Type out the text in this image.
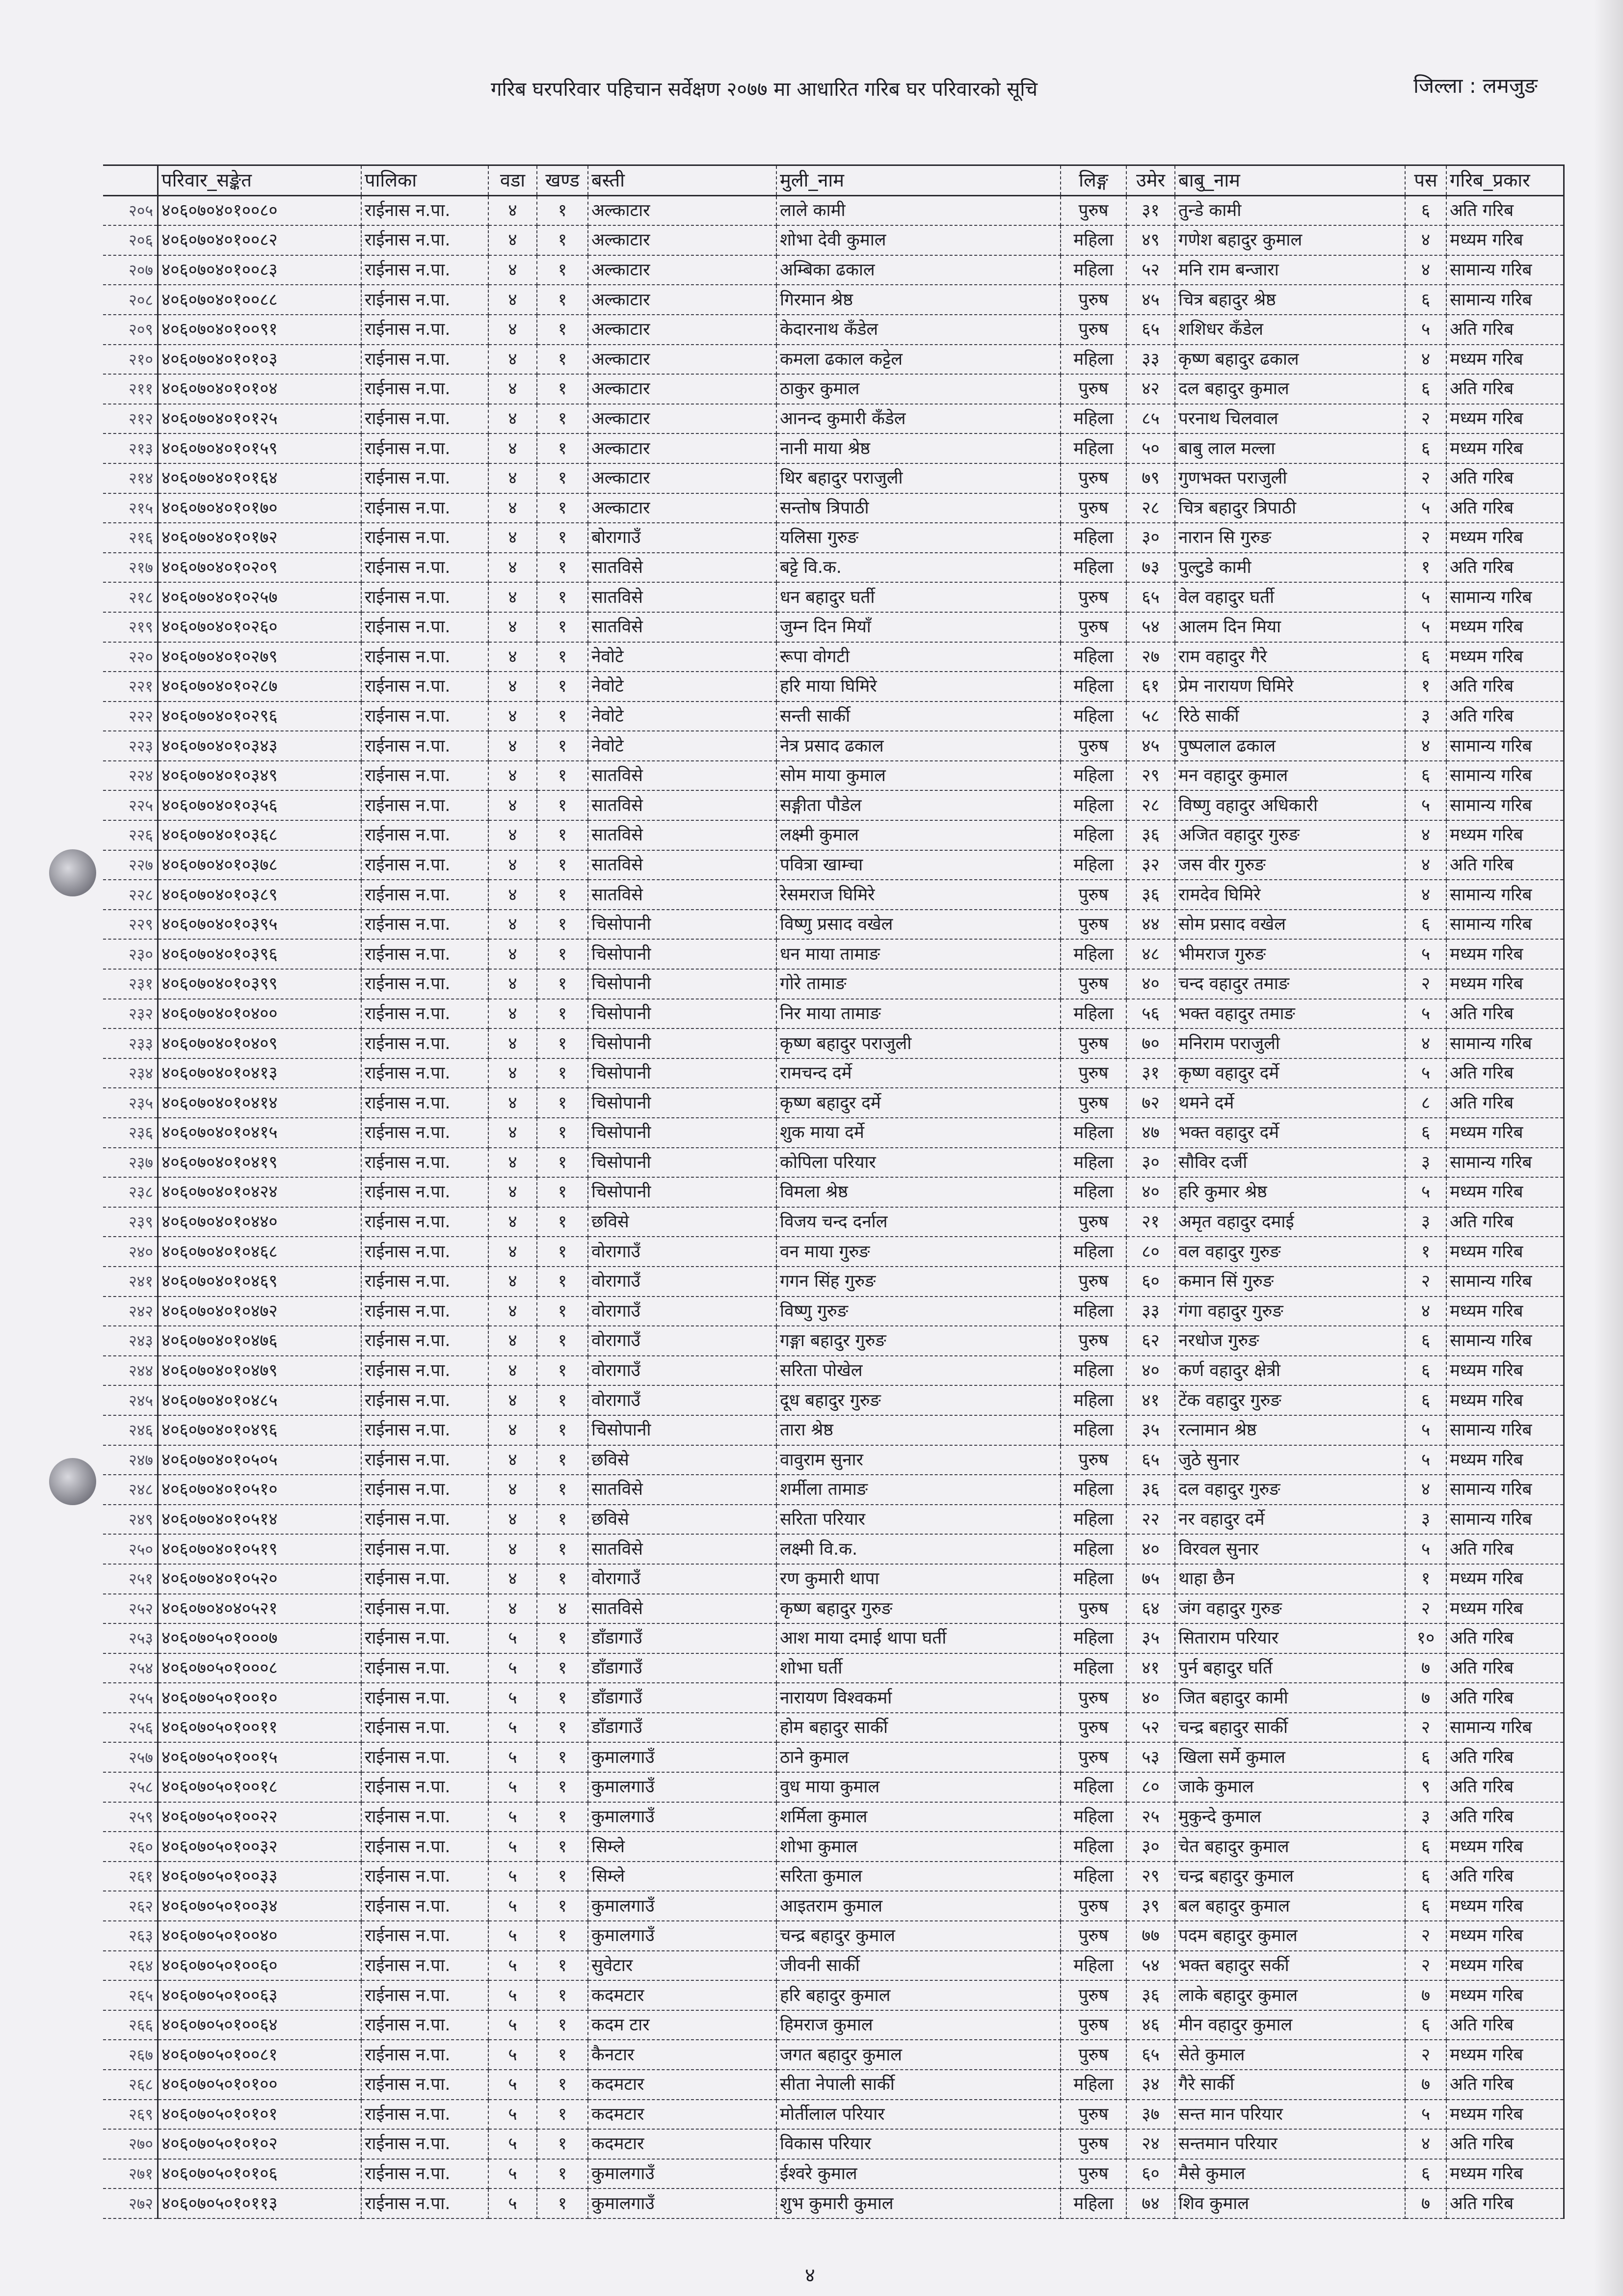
गरिब घरपरिवार पहिचान सर्वेक्षण २०७७ मा आधारित गरिब घर परिवारको सूचि	जिल्ला : लमजुङ
	परिवार_सङ्केत	पालिका	वडा	खण्ड	बस्ती	मुली_नाम	लिङ्ग	उमेर	बाबु_नाम	पस	गरिब_प्रकार
२०५	४०६०७०४०१००८०	राईनास न.पा.	४	१	अल्काटार	लाले कामी	पुरुष	३१	तुन्डे कामी	६	अति गरिब
२०६	४०६०७०४०१००८२	राईनास न.पा.	४	१	अल्काटार	शोभा देवी कुमाल	महिला	४९	गणेश बहादुर कुमाल	४	मध्यम गरिब
२०७	४०६०७०४०१००८३	राईनास न.पा.	४	१	अल्काटार	अम्बिका ढकाल	महिला	५२	मनि राम बन्जारा	४	सामान्य गरिब
२०८	४०६०७०४०१००८८	राईनास न.पा.	४	१	अल्काटार	गिरमान श्रेष्ठ	पुरुष	४५	चित्र बहादुर श्रेष्ठ	६	सामान्य गरिब
२०९	४०६०७०४०१००९१	राईनास न.पा.	४	१	अल्काटार	केदारनाथ कँडेल	पुरुष	६५	शशिधर कँडेल	५	अति गरिब
२१०	४०६०७०४०१०१०३	राईनास न.पा.	४	१	अल्काटार	कमला ढकाल कट्टेल	महिला	३३	कृष्ण बहादुर ढकाल	४	मध्यम गरिब
२११	४०६०७०४०१०१०४	राईनास न.पा.	४	१	अल्काटार	ठाकुर कुमाल	पुरुष	४२	दल बहादुर कुमाल	६	अति गरिब
२१२	४०६०७०४०१०१२५	राईनास न.पा.	४	१	अल्काटार	आनन्द कुमारी कँडेल	महिला	८५	परनाथ चिलवाल	२	मध्यम गरिब
२१३	४०६०७०४०१०१५९	राईनास न.पा.	४	१	अल्काटार	नानी माया श्रेष्ठ	महिला	५०	बाबु लाल मल्ला	६	मध्यम गरिब
२१४	४०६०७०४०१०१६४	राईनास न.पा.	४	१	अल्काटार	थिर बहादुर पराजुली	पुरुष	७९	गुणभक्त पराजुली	२	अति गरिब
२१५	४०६०७०४०१०१७०	राईनास न.पा.	४	१	अल्काटार	सन्तोष त्रिपाठी	पुरुष	२८	चित्र बहादुर त्रिपाठी	५	अति गरिब
२१६	४०६०७०४०१०१७२	राईनास न.पा.	४	१	बोरागाउँ	यलिसा गुरुङ	महिला	३०	नारान सि गुरुङ	२	मध्यम गरिब
२१७	४०६०७०४०१०२०९	राईनास न.पा.	४	१	सातविसे	बट्टे वि.क.	महिला	७३	पुल्टुडे कामी	१	अति गरिब
२१८	४०६०७०४०१०२५७	राईनास न.पा.	४	१	सातविसे	धन बहादुर घर्ती	पुरुष	६५	वेल वहादुर घर्ती	५	सामान्य गरिब
२१९	४०६०७०४०१०२६०	राईनास न.पा.	४	१	सातविसे	जुम्न दिन मियाँ	पुरुष	५४	आलम दिन मिया	५	मध्यम गरिब
२२०	४०६०७०४०१०२७९	राईनास न.पा.	४	१	नेवोटे	रूपा वोगटी	महिला	२७	राम वहादुर गैरे	६	मध्यम गरिब
२२१	४०६०७०४०१०२८७	राईनास न.पा.	४	१	नेवोटे	हरि माया घिमिरे	महिला	६१	प्रेम नारायण घिमिरे	१	अति गरिब
२२२	४०६०७०४०१०२९६	राईनास न.पा.	४	१	नेवोटे	सन्ती सार्की	महिला	५८	रिठे सार्की	३	अति गरिब
२२३	४०६०७०४०१०३४३	राईनास न.पा.	४	१	नेवोटे	नेत्र प्रसाद ढकाल	पुरुष	४५	पुष्पलाल ढकाल	४	सामान्य गरिब
२२४	४०६०७०४०१०३४९	राईनास न.पा.	४	१	सातविसे	सोम माया कुमाल	महिला	२९	मन वहादुर कुमाल	६	सामान्य गरिब
२२५	४०६०७०४०१०३५६	राईनास न.पा.	४	१	सातविसे	सङ्गीता पौडेल	महिला	२८	विष्णु वहादुर अधिकारी	५	सामान्य गरिब
२२६	४०६०७०४०१०३६८	राईनास न.पा.	४	१	सातविसे	लक्ष्मी कुमाल	महिला	३६	अजित वहादुर गुरुङ	४	मध्यम गरिब
२२७	४०६०७०४०१०३७८	राईनास न.पा.	४	१	सातविसे	पवित्रा खाम्चा	महिला	३२	जस वीर गुरुङ	४	अति गरिब
२२८	४०६०७०४०१०३८९	राईनास न.पा.	४	१	सातविसे	रेसमराज घिमिरे	पुरुष	३६	रामदेव घिमिरे	४	सामान्य गरिब
२२९	४०६०७०४०१०३९५	राईनास न.पा.	४	१	चिसोपानी	विष्णु प्रसाद वखेल	पुरुष	४४	सोम प्रसाद वखेल	६	सामान्य गरिब
२३०	४०६०७०४०१०३९६	राईनास न.पा.	४	१	चिसोपानी	धन माया तामाङ	महिला	४८	भीमराज गुरुङ	५	मध्यम गरिब
२३१	४०६०७०४०१०३९९	राईनास न.पा.	४	१	चिसोपानी	गोरे तामाङ	पुरुष	४०	चन्द वहादुर तमाङ	२	मध्यम गरिब
२३२	४०६०७०४०१०४००	राईनास न.पा.	४	१	चिसोपानी	निर माया तामाङ	महिला	५६	भक्त वहादुर तमाङ	५	अति गरिब
२३३	४०६०७०४०१०४०९	राईनास न.पा.	४	१	चिसोपानी	कृष्ण बहादुर पराजुली	पुरुष	७०	मनिराम पराजुली	४	सामान्य गरिब
२३४	४०६०७०४०१०४१३	राईनास न.पा.	४	१	चिसोपानी	रामचन्द दर्मे	पुरुष	३१	कृष्ण वहादुर दर्मे	५	अति गरिब
२३५	४०६०७०४०१०४१४	राईनास न.पा.	४	१	चिसोपानी	कृष्ण बहादुर दर्मे	पुरुष	७२	थमने दर्मे	८	अति गरिब
२३६	४०६०७०४०१०४१५	राईनास न.पा.	४	१	चिसोपानी	शुक माया दर्मे	महिला	४७	भक्त वहादुर दर्मे	६	मध्यम गरिब
२३७	४०६०७०४०१०४१९	राईनास न.पा.	४	१	चिसोपानी	कोपिला परियार	महिला	३०	सौविर दर्जी	३	सामान्य गरिब
२३८	४०६०७०४०१०४२४	राईनास न.पा.	४	१	चिसोपानी	विमला श्रेष्ठ	महिला	४०	हरि कुमार श्रेष्ठ	५	मध्यम गरिब
२३९	४०६०७०४०१०४४०	राईनास न.पा.	४	१	छविसे	विजय चन्द दर्नाल	पुरुष	२१	अमृत वहादुर दमाई	३	अति गरिब
२४०	४०६०७०४०१०४६८	राईनास न.पा.	४	१	वोरागाउँ	वन माया गुरुङ	महिला	८०	वल वहादुर गुरुङ	१	मध्यम गरिब
२४१	४०६०७०४०१०४६९	राईनास न.पा.	४	१	वोरागाउँ	गगन सिंह गुरुङ	पुरुष	६०	कमान सिं गुरुङ	२	सामान्य गरिब
२४२	४०६०७०४०१०४७२	राईनास न.पा.	४	१	वोरागाउँ	विष्णु गुरुङ	महिला	३३	गंगा वहादुर गुरुङ	४	मध्यम गरिब
२४३	४०६०७०४०१०४७६	राईनास न.पा.	४	१	वोरागाउँ	गङ्गा बहादुर गुरुङ	पुरुष	६२	नरधोज गुरुङ	६	सामान्य गरिब
२४४	४०६०७०४०१०४७९	राईनास न.पा.	४	१	वोरागाउँ	सरिता पोखेल	महिला	४०	कर्ण वहादुर क्षेत्री	६	मध्यम गरिब
२४५	४०६०७०४०१०४८५	राईनास न.पा.	४	१	वोरागाउँ	दूध बहादुर गुरुङ	महिला	४१	टेंक वहादुर गुरुङ	६	मध्यम गरिब
२४६	४०६०७०४०१०४९६	राईनास न.पा.	४	१	चिसोपानी	तारा श्रेष्ठ	महिला	३५	रत्नामान श्रेष्ठ	५	सामान्य गरिब
२४७	४०६०७०४०१०५०५	राईनास न.पा.	४	१	छविसे	वावुराम सुनार	पुरुष	६५	जुठे सुनार	५	मध्यम गरिब
२४८	४०६०७०४०१०५१०	राईनास न.पा.	४	१	सातविसे	शर्मीला तामाङ	महिला	३६	दल वहादुर गुरुङ	४	सामान्य गरिब
२४९	४०६०७०४०१०५१४	राईनास न.पा.	४	१	छविसे	सरिता परियार	महिला	२२	नर वहादुर दर्मे	३	सामान्य गरिब
२५०	४०६०७०४०१०५१९	राईनास न.पा.	४	१	सातविसे	लक्ष्मी वि.क.	महिला	४०	विरवल सुनार	५	अति गरिब
२५१	४०६०७०४०१०५२०	राईनास न.पा.	४	१	वोरागाउँ	रण कुमारी थापा	महिला	७५	थाहा छैन	१	मध्यम गरिब
२५२	४०६०७०४०४०५२१	राईनास न.पा.	४	४	सातविसे	कृष्ण बहादुर गुरुङ	पुरुष	६४	जंग वहादुर गुरुङ	२	मध्यम गरिब
२५३	४०६०७०५०१०००७	राईनास न.पा.	५	१	डाँडागाउँ	आश माया दमाई थापा घर्ती	महिला	३५	सिताराम परियार	१०	अति गरिब
२५४	४०६०७०५०१०००८	राईनास न.पा.	५	१	डाँडागाउँ	शोभा घर्ती	महिला	४१	पुर्न बहादुर घर्ति	७	अति गरिब
२५५	४०६०७०५०१००१०	राईनास न.पा.	५	१	डाँडागाउँ	नारायण विश्वकर्मा	पुरुष	४०	जित बहादुर कामी	७	अति गरिब
२५६	४०६०७०५०१००११	राईनास न.पा.	५	१	डाँडागाउँ	होम बहादुर सार्की	पुरुष	५२	चन्द्र बहादुर सार्की	२	सामान्य गरिब
२५७	४०६०७०५०१००१५	राईनास न.पा.	५	१	कुमालगाउँ	ठाने कुमाल	पुरुष	५३	खिला सर्मे कुमाल	६	अति गरिब
२५८	४०६०७०५०१००१८	राईनास न.पा.	५	१	कुमालगाउँ	वुध माया कुमाल	महिला	८०	जाके कुमाल	९	अति गरिब
२५९	४०६०७०५०१००२२	राईनास न.पा.	५	१	कुमालगाउँ	शर्मिला कुमाल	महिला	२५	मुकुन्दे कुमाल	३	अति गरिब
२६०	४०६०७०५०१००३२	राईनास न.पा.	५	१	सिम्ले	शोभा कुमाल	महिला	३०	चेत बहादुर कुमाल	६	मध्यम गरिब
२६१	४०६०७०५०१००३३	राईनास न.पा.	५	१	सिम्ले	सरिता कुमाल	महिला	२९	चन्द्र बहादुर कुमाल	६	अति गरिब
२६२	४०६०७०५०१००३४	राईनास न.पा.	५	१	कुमालगाउँ	आइतराम कुमाल	पुरुष	३९	बल बहादुर कुमाल	६	मध्यम गरिब
२६३	४०६०७०५०१००४०	राईनास न.पा.	५	१	कुमालगाउँ	चन्द्र बहादुर कुमाल	पुरुष	७७	पदम बहादुर कुमाल	२	मध्यम गरिब
२६४	४०६०७०५०१००६०	राईनास न.पा.	५	१	सुवेटार	जीवनी सार्की	महिला	५४	भक्त बहादुर सर्की	२	मध्यम गरिब
२६५	४०६०७०५०१००६३	राईनास न.पा.	५	१	कदमटार	हरि बहादुर कुमाल	पुरुष	३६	लाके बहादुर कुमाल	७	मध्यम गरिब
२६६	४०६०७०५०१००६४	राईनास न.पा.	५	१	कदम टार	हिमराज कुमाल	पुरुष	४६	मीन वहादुर कुमाल	६	अति गरिब
२६७	४०६०७०५०१००८१	राईनास न.पा.	५	१	कैनटार	जगत बहादुर कुमाल	पुरुष	६५	सेते कुमाल	२	मध्यम गरिब
२६८	४०६०७०५०१०१००	राईनास न.पा.	५	१	कदमटार	सीता नेपाली सार्की	महिला	३४	गैरे सार्की	७	अति गरिब
२६९	४०६०७०५०१०१०१	राईनास न.पा.	५	१	कदमटार	मोर्तीलाल परियार	पुरुष	३७	सन्त मान परियार	५	मध्यम गरिब
२७०	४०६०७०५०१०१०२	राईनास न.पा.	५	१	कदमटार	विकास परियार	पुरुष	२४	सन्तमान परियार	४	अति गरिब
२७१	४०६०७०५०१०१०६	राईनास न.पा.	५	१	कुमालगाउँ	ईश्वरे कुमाल	पुरुष	६०	मैसे कुमाल	६	मध्यम गरिब
२७२	४०६०७०५०१०११३	राईनास न.पा.	५	१	कुमालगाउँ	शुभ कुमारी कुमाल	महिला	७४	शिव कुमाल	७	अति गरिब
४
